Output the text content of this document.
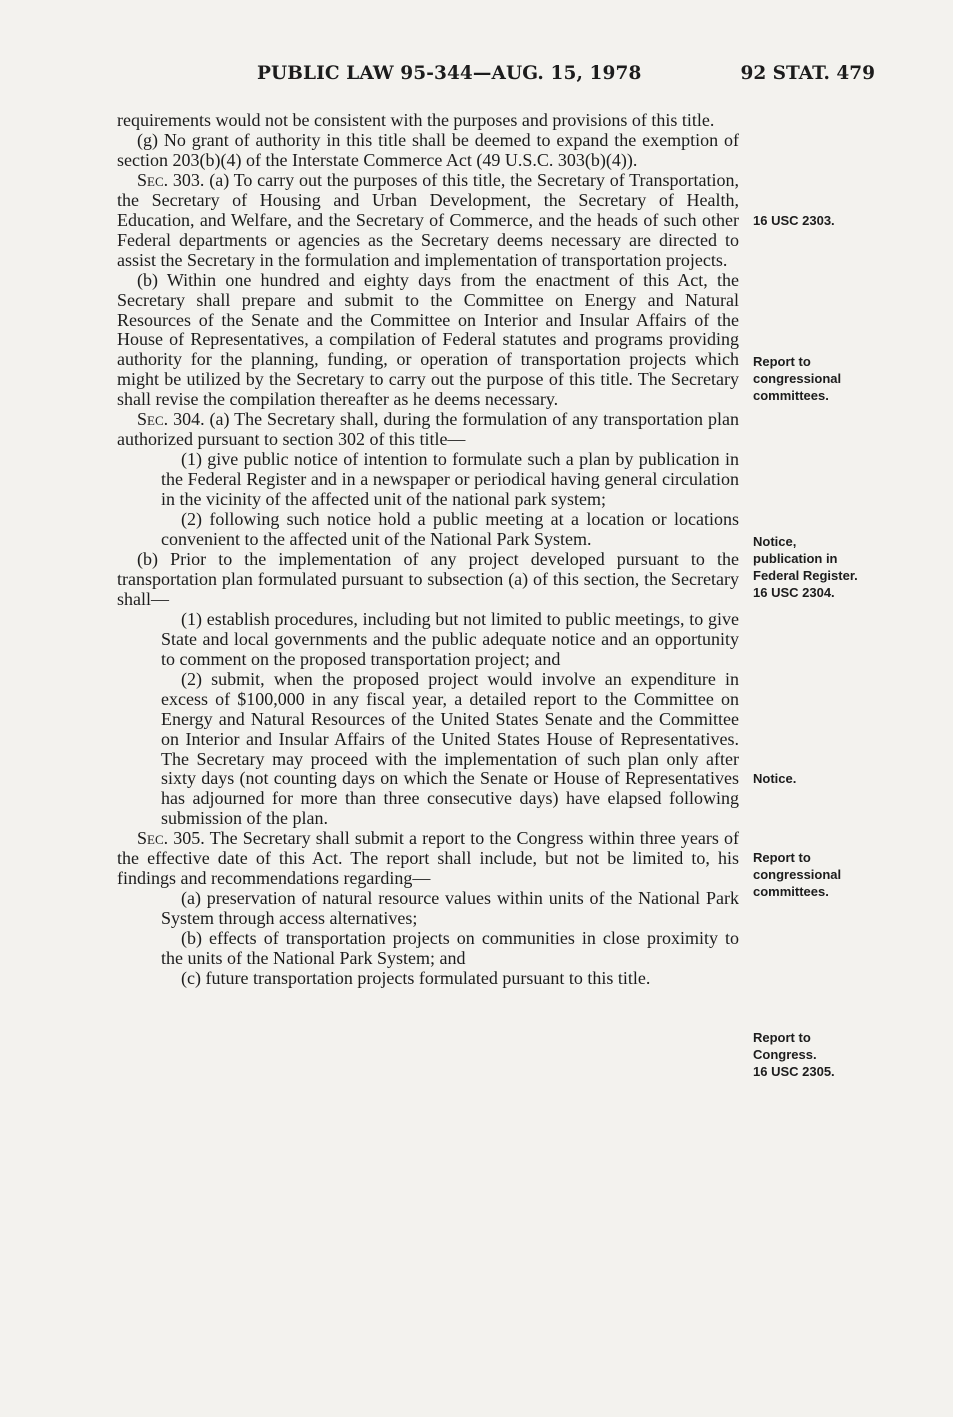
PUBLIC LAW 95-344—AUG. 15, 1978	92 STAT. 479

requirements would not be consistent with the purposes and provisions of this title.

(g) No grant of authority in this title shall be deemed to expand the exemption of section 203(b)(4) of the Interstate Commerce Act (49 U.S.C. 303(b)(4)).

Sec. 303. (a) To carry out the purposes of this title, the Secretary of Transportation, the Secretary of Housing and Urban Development, the Secretary of Health, Education, and Welfare, and the Secretary of Commerce, and the heads of such other Federal departments or agencies as the Secretary deems necessary are directed to assist the Secretary in the formulation and implementation of transportation projects.

(b) Within one hundred and eighty days from the enactment of this Act, the Secretary shall prepare and submit to the Committee on Energy and Natural Resources of the Senate and the Committee on Interior and Insular Affairs of the House of Representatives, a compilation of Federal statutes and programs providing authority for the planning, funding, or operation of transportation projects which might be utilized by the Secretary to carry out the purpose of this title. The Secretary shall revise the compilation thereafter as he deems necessary.

Sec. 304. (a) The Secretary shall, during the formulation of any transportation plan authorized pursuant to section 302 of this title—

(1) give public notice of intention to formulate such a plan by publication in the Federal Register and in a newspaper or periodical having general circulation in the vicinity of the affected unit of the national park system;

(2) following such notice hold a public meeting at a location or locations convenient to the affected unit of the National Park System.

(b) Prior to the implementation of any project developed pursuant to the transportation plan formulated pursuant to subsection (a) of this section, the Secretary shall—

(1) establish procedures, including but not limited to public meetings, to give State and local governments and the public adequate notice and an opportunity to comment on the proposed transportation project; and

(2) submit, when the proposed project would involve an expenditure in excess of $100,000 in any fiscal year, a detailed report to the Committee on Energy and Natural Resources of the United States Senate and the Committee on Interior and Insular Affairs of the United States House of Representatives. The Secretary may proceed with the implementation of such plan only after sixty days (not counting days on which the Senate or House of Representatives has adjourned for more than three consecutive days) have elapsed following submission of the plan.

Sec. 305. The Secretary shall submit a report to the Congress within three years of the effective date of this Act. The report shall include, but not be limited to, his findings and recommendations regarding—

(a) preservation of natural resource values within units of the National Park System through access alternatives;

(b) effects of transportation projects on communities in close proximity to the units of the National Park System; and

(c) future transportation projects formulated pursuant to this title.

16 USC 2303.
Report to
congressional
committees.
Notice,
publication in
Federal Register.
16 USC 2304.
Notice.
Report to
congressional
committees.
Report to
Congress.
16 USC 2305.
